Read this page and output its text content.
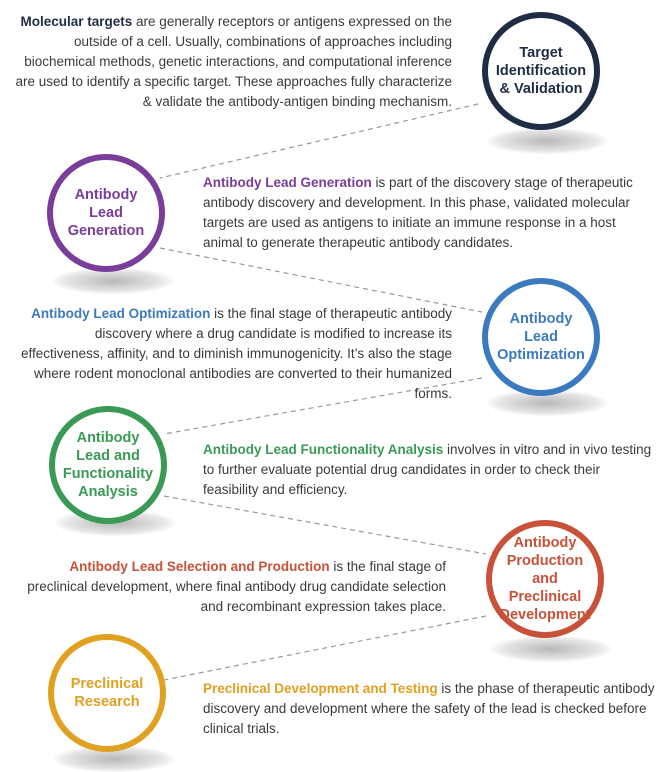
Target
Identification
& Validation
Molecular targets are generally receptors or antigens expressed on the outside of a cell. Usually, combinations of approaches including biochemical methods, genetic interactions, and computational inference are used to identify a specific target. These approaches fully characterize & validate the antibody-antigen binding mechanism.
Antibody Lead
Generation
Antibody Lead Generation is part of the discovery stage of therapeutic antibody discovery and development. In this phase, validated molecular targets are used as antigens to initiate an immune response in a host animal to generate therapeutic antibody candidates.
Antibody Lead
Optimization
Antibody Lead Optimization is the final stage of therapeutic antibody discovery where a drug candidate is modified to increase its effectiveness, affinity, and to diminish immunogenicity. It’s also the stage where rodent monoclonal antibodies are converted to their humanized forms.
Antibody
Lead and
Functionality
Analysis
Antibody Lead Functionality Analysis involves in vitro and in vivo testing to further evaluate potential drug candidates in order to check their feasibility and efficiency.
Antibody
Production and
Preclinical
Development
Antibody Lead Selection and Production is the final stage of preclinical development, where final antibody drug candidate selection and recombinant expression takes place.
Preclinical
Research
Preclinical Development and Testing is the phase of therapeutic antibody discovery and development where the safety of the lead is checked before clinical trials.
